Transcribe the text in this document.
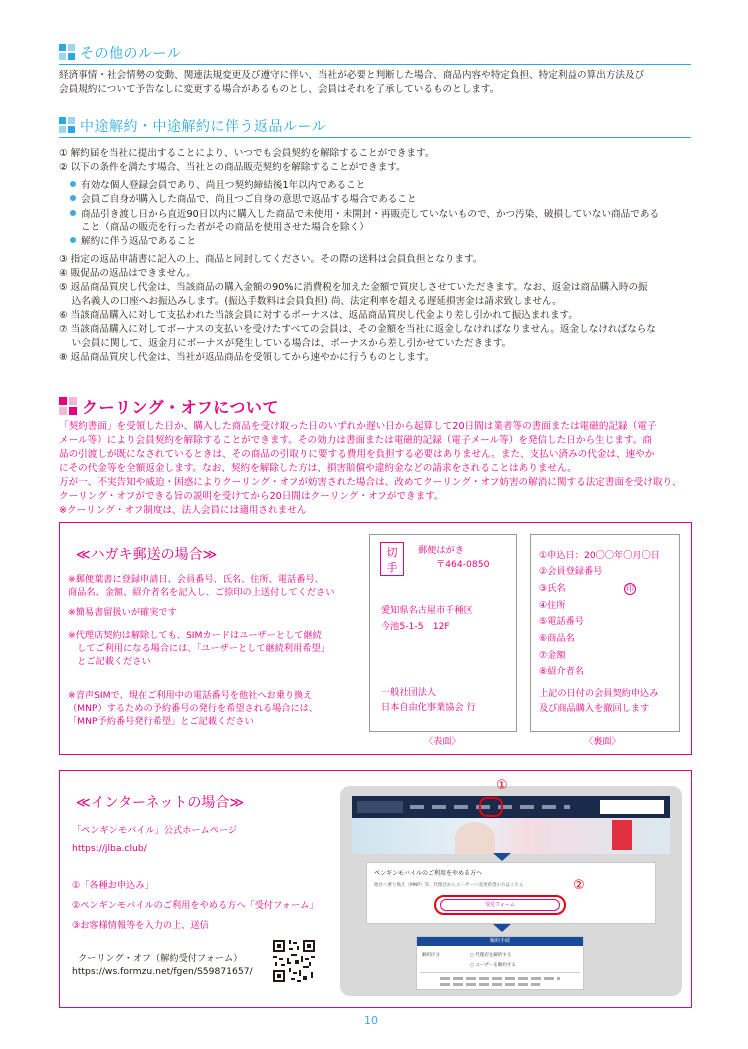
その他のルール
経済事情・社会情勢の変動、関連法規変更及び遵守に伴い、当社が必要と判断した場合、商品内容や特定負担、特定利益の算出方法及び
会員規約について予告なしに変更する場合があるものとし、会員はそれを了承しているものとします。
中途解約・中途解約に伴う返品ルール
① 解約届を当社に提出することにより、いつでも会員契約を解除することができます。
② 以下の条件を満たす場合、当社との商品販売契約を解除することができます。
有効な個人登録会員であり、尚且つ契約締結後1年以内であること
会員ご自身が購入した商品で、尚且つご自身の意思で返品する場合であること
商品引き渡し日から直近90日以内に購入した商品で未使用・未開封・再販売していないもので、かつ汚染、破損していない商品である
こと（商品の販売を行った者がその商品を使用させた場合を除く）
解約に伴う返品であること
③ 指定の返品申請書に記入の上、商品と同封してください。その際の送料は会員負担となります。
④ 販促品の返品はできません。
⑤ 返品商品買戻し代金は、当該商品の購入金額の90%に消費税を加えた金額で買戻しさせていただきます。なお、返金は商品購入時の振
　 込名義人の口座へお振込みします。(振込手数料は会員負担) 尚、法定利率を超える遅延損害金は請求致しません。
⑥ 当該商品購入に対して支払われた当該会員に対するボーナスは、返品商品買戻し代金より差し引かれて振込まれます。
⑦ 当該商品購入に対してボーナスの支払いを受けたすべての会員は、その金額を当社に返金しなければなりません。返金しなければならな
　 い会員に関して、返金月にボーナスが発生している場合は、ボーナスから差し引かせていただきます。
⑧ 返品商品買戻し代金は、当社が返品商品を受領してから速やかに行うものとします。
クーリング・オフについて
「契約書面」を受領した日か、購入した商品を受け取った日のいずれか遅い日から起算して20日間は業者等の書面または電磁的記録（電子
メール等）により会員契約を解除することができます。その効力は書面または電磁的記録（電子メール等）を発信した日から生じます。商
品の引渡しが既になされているときは、その商品の引取りに要する費用を負担する必要はありません。また、支払い済みの代金は、速やか
にその代金等を全額返金します。なお、契約を解除した方は、損害賠償や違約金などの請求をされることはありません。
万が一、不実告知や威迫・困惑によりクーリング・オフが妨害された場合は、改めてクーリング・オフ妨害の解消に関する法定書面を受け取り、
クーリング・オフができる旨の説明を受けてから20日間はクーリング・オフができます。
※クーリング・オフ制度は、法人会員には適用されません
≪ハガキ郵送の場合≫
※郵便葉書に登録申請日、会員番号、氏名、住所、電話番号、
商品名、金額、紹介者名を記入し、ご捺印の上送付してください
※簡易書留扱いが確実です
※代理店契約は解除しても、SIMカードはユーザーとして継続
　してご利用になる場合には、「ユーザーとして継続利用希望」
　とご記載ください
※音声SIMで、現在ご利用中の電話番号を他社へお乗り換え
（MNP）するための予約番号の発行を希望される場合には、
「MNP予約番号発行希望」とご記載ください
切
手
郵便はがき
〒464-0850
愛知県名古屋市千種区
今池5-1-5　12F
一般社団法人
日本自由化事業協会 行
〈表面〉
①申込日：20〇〇年〇月〇日
②会員登録番号
③氏名	印
④住所
⑤電話番号
⑥商品名
⑦金額
⑧紹介者名
上記の日付の会員契約申込み
及び商品購入を撤回します
〈裏面〉
≪インターネットの場合≫
「ペンギンモバイル」公式ホームページ
https://jlba.club/
①「各種お申込み」
②ペンギンモバイルのご利用をやめる方へ「受付フォーム」
③お客様情報等を入力の上、送信
クーリング・オフ（解約受付フォーム）
https://ws.formzu.net/fgen/S59871657/
①
ペンギンモバイルのご利用をやめる方へ
他社へ乗り換え（MNP）等、代理店からユーザーへ変更希望の方はこちら
受付フォーム
②
解約手続
解約区分	○ 代理店を解約する
○ ユーザーを解約する
10
